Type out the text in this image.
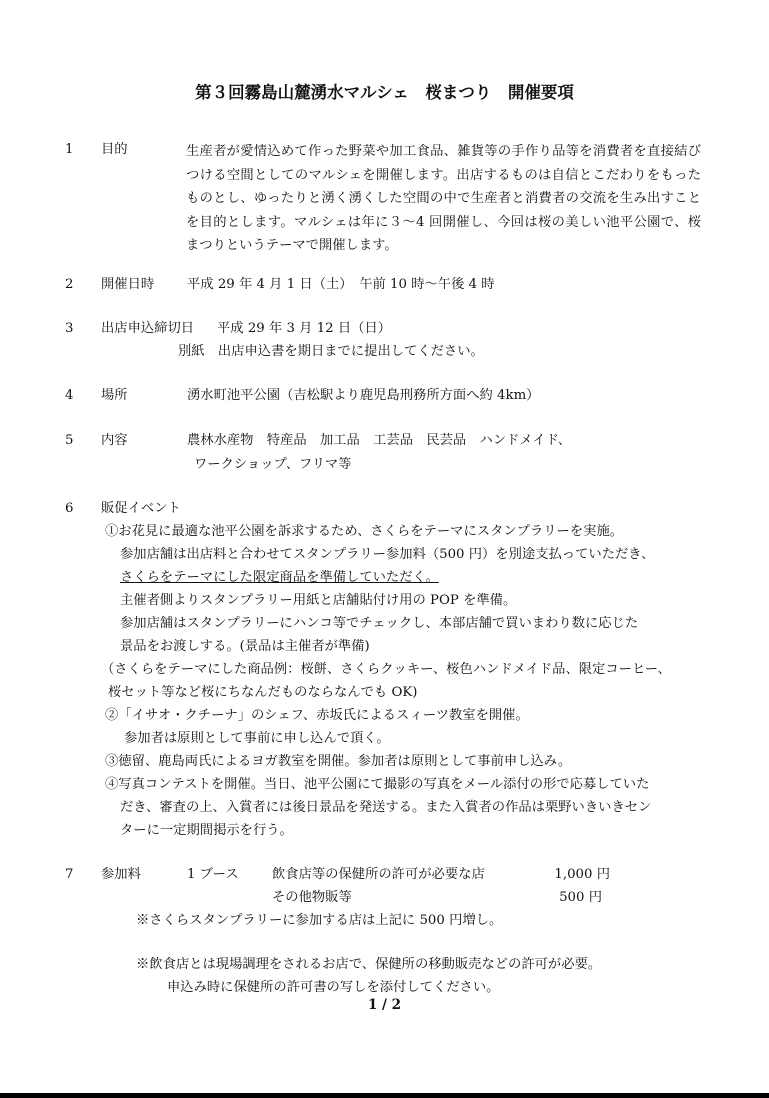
第３回霧島山麓湧水マルシェ　桜まつり　開催要項
1 目的	生産者が愛情込めて作った野菜や加工食品、雑貨等の手作り品等を消費者を直接結びつける空間としてのマルシェを開催します。出店するものは自信とこだわりをもったものとし、ゆったりと湧く湧くした空間の中で生産者と消費者の交流を生み出すことを目的とします。マルシェは年に３～4 回開催し、今回は桜の美しい池平公園で、桜まつりというテーマで開催します。
2 開催日時 平成 29 年 4 月 1 日（土）　午前 10 時～午後 4 時
3 出店申込締切日 平成 29 年 3 月 12 日（日）
別紙　出店申込書を期日までに提出してください。
4 場所	湧水町池平公園（吉松駅より鹿児島刑務所方面へ約 4km）
5 内容	農林水産物　特産品　加工品　工芸品　民芸品　ハンドメイド、
ワークショップ、フリマ等
6 販促イベント
①お花見に最適な池平公園を訴求するため、さくらをテーマにスタンプラリーを実施。
参加店舗は出店料と合わせてスタンプラリー参加料（500 円）を別途支払っていただき、
さくらをテーマにした限定商品を準備していただく。
主催者側よりスタンプラリー用紙と店舗貼付け用の POP を準備。
参加店舗はスタンプラリーにハンコ等でチェックし、本部店舗で買いまわり数に応じた
景品をお渡しする。(景品は主催者が準備)
（さくらをテーマにした商品例：桜餅、さくらクッキー、桜色ハンドメイド品、限定コーヒー、
桜セット等など桜にちなんだものならなんでも OK)
②「イサオ・クチーナ」のシェフ、赤坂氏によるスィーツ教室を開催。
参加者は原則として事前に申し込んで頂く。
③徳留、鹿島両氏によるヨガ教室を開催。参加者は原則として事前申し込み。
④写真コンテストを開催。当日、池平公園にて撮影の写真をメール添付の形で応募していた
だき、審査の上、入賞者には後日景品を発送する。また入賞者の作品は栗野いきいきセン
ターに一定期間掲示を行う。
7 参加料	1 ブース	飲食店等の保健所の許可が必要な店	1,000 円
その他物販等	500 円
※さくらスタンプラリーに参加する店は上記に 500 円増し。
※飲食店とは現場調理をされるお店で、保健所の移動販売などの許可が必要。
申込み時に保健所の許可書の写しを添付してください。
1 / 2
